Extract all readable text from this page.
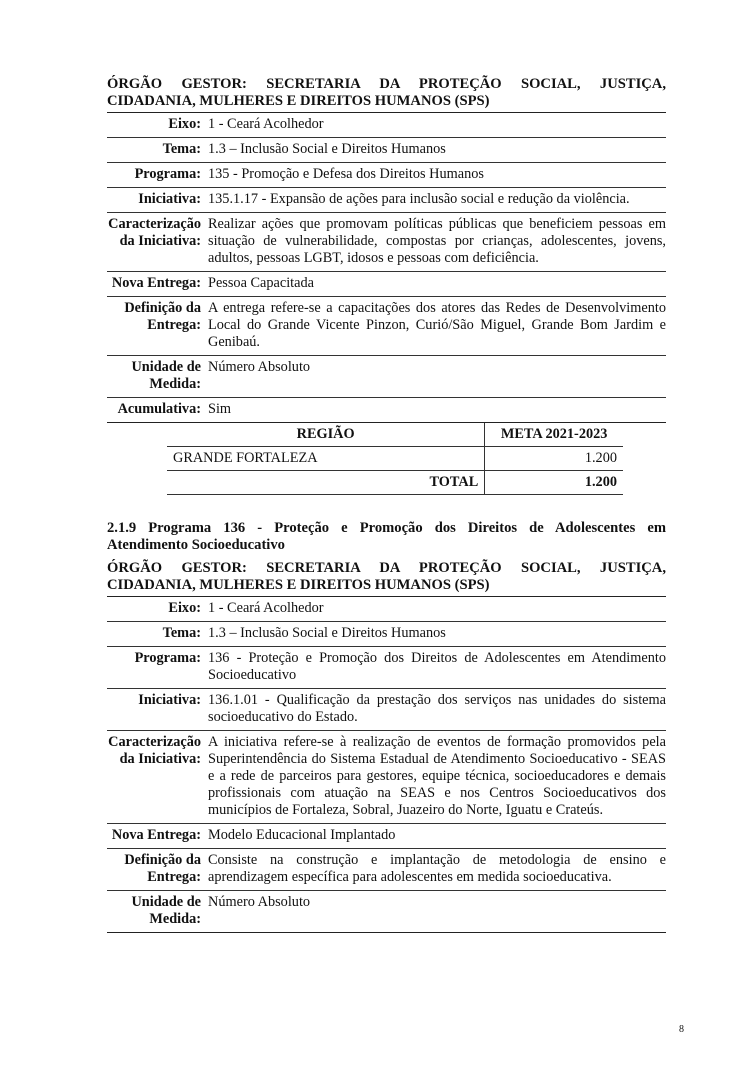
ÓRGÃO GESTOR: SECRETARIA DA PROTEÇÃO SOCIAL, JUSTIÇA,
CIDADANIA, MULHERES E DIREITOS HUMANOS (SPS)
Eixo: 1 - Ceará Acolhedor
Tema: 1.3 – Inclusão Social e Direitos Humanos
Programa: 135 - Promoção e Defesa dos Direitos Humanos
Iniciativa: 135.1.17 - Expansão de ações para inclusão social e redução da violência.
Caracterização da Iniciativa:
Realizar ações que promovam políticas públicas que beneficiem pessoas em situação de vulnerabilidade, compostas por crianças, adolescentes, jovens, adultos, pessoas LGBT, idosos e pessoas com deficiência.
Nova Entrega: Pessoa Capacitada
Definição da Entrega:
A entrega refere-se a capacitações dos atores das Redes de Desenvolvimento Local do Grande Vicente Pinzon, Curió/São Miguel, Grande Bom Jardim e Genibaú.
Unidade de Medida:
Número Absoluto
Acumulativa: Sim
REGIÃO	META 2021-2023
GRANDE FORTALEZA	1.200
TOTAL	1.200
2.1.9 Programa 136 - Proteção e Promoção dos Direitos de Adolescentes em
Atendimento Socioeducativo
ÓRGÃO GESTOR: SECRETARIA DA PROTEÇÃO SOCIAL, JUSTIÇA,
CIDADANIA, MULHERES E DIREITOS HUMANOS (SPS)
Eixo: 1 - Ceará Acolhedor
Tema: 1.3 – Inclusão Social e Direitos Humanos
Programa: 136 - Proteção e Promoção dos Direitos de Adolescentes em Atendimento Socioeducativo
Iniciativa: 136.1.01 - Qualificação da prestação dos serviços nas unidades do sistema socioeducativo do Estado.
Caracterização da Iniciativa:
A iniciativa refere-se à realização de eventos de formação promovidos pela Superintendência do Sistema Estadual de Atendimento Socioeducativo - SEAS e a rede de parceiros para gestores, equipe técnica, socioeducadores e demais profissionais com atuação na SEAS e nos Centros Socioeducativos dos municípios de Fortaleza, Sobral, Juazeiro do Norte, Iguatu e Crateús.
Nova Entrega: Modelo Educacional Implantado
Definição da Entrega:
Consiste na construção e implantação de metodologia de ensino e aprendizagem específica para adolescentes em medida socioeducativa.
Unidade de Medida:
Número Absoluto
8
